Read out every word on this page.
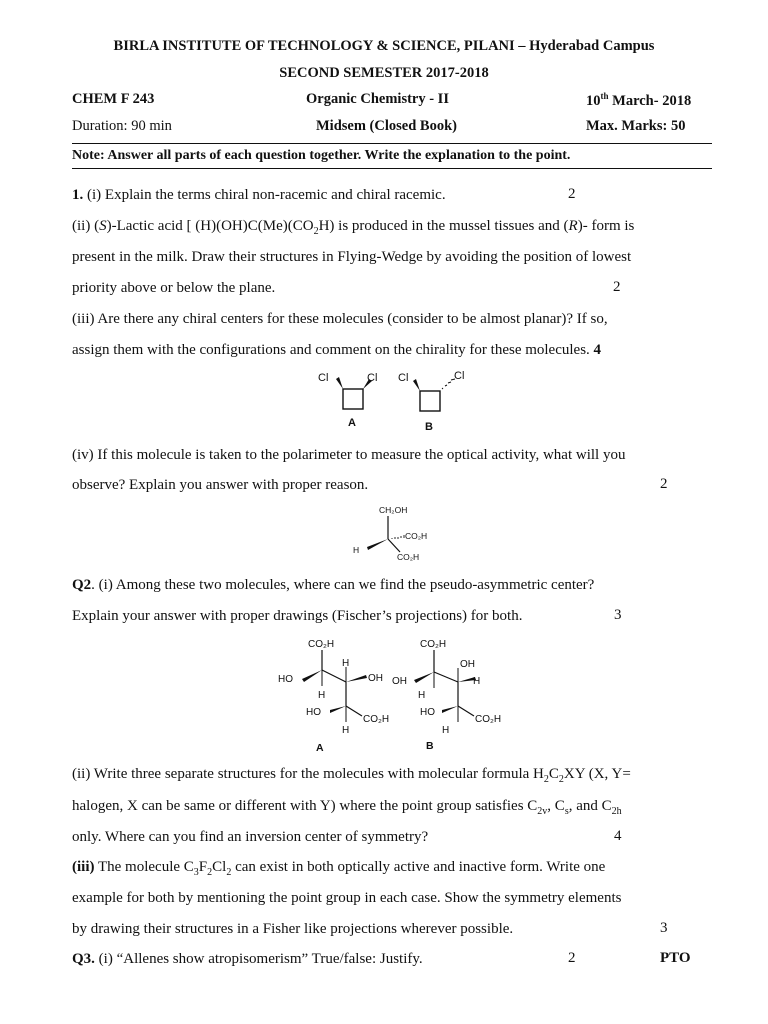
BIRLA INSTITUTE OF TECHNOLOGY & SCIENCE, PILANI – Hyderabad Campus
SECOND SEMESTER 2017-2018
CHEM F 243	Organic Chemistry - II	10th March- 2018
Duration: 90 min	Midsem (Closed Book)	Max. Marks: 50
Note: Answer all parts of each question together. Write the explanation to the point.
1. (i) Explain the terms chiral non-racemic and chiral racemic.	2
(ii) (S)-Lactic acid [ $(H)(OH)C(Me)(CO_2H)$ is produced in the mussel tissues and (R)- form is
present in the milk. Draw their structures in Flying-Wedge by avoiding the position of lowest
priority above or below the plane.	2
(iii) Are there any chiral centers for these molecules (consider to be almost planar)? If so,
assign them with the configurations and comment on the chirality for these molecules. 4
Cl	Cl
A
Cl	Cl
B
(iv) If this molecule is taken to the polarimeter to measure the optical activity, what will you
observe? Explain you answer with proper reason.	2
CH₂OH
CO₂H
H
CO₂H
Q2. (i) Among these two molecules, where can we find the pseudo-asymmetric center?
Explain your answer with proper drawings (Fischer’s projections) for both.	3
CO₂H
HO
H
H
OH
HO
H
CO₂H
A
CO₂H
OH
H
OH
H
HO
H
CO₂H
B
(ii) Write three separate structures for the molecules with molecular formula $H_2C_2XY$ (X, Y=
halogen, X can be same or different with Y) where the point group satisfies $C_{2v}$, $C_s$, and $C_{2h}$
only. Where can you find an inversion center of symmetry?	4
(iii) The molecule $C_3F_2Cl_2$ can exist in both optically active and inactive form. Write one
example for both by mentioning the point group in each case. Show the symmetry elements
by drawing their structures in a Fisher like projections wherever possible.	3
Q3. (i) “Allenes show atropisomerism” True/false: Justify.	2	PTO
